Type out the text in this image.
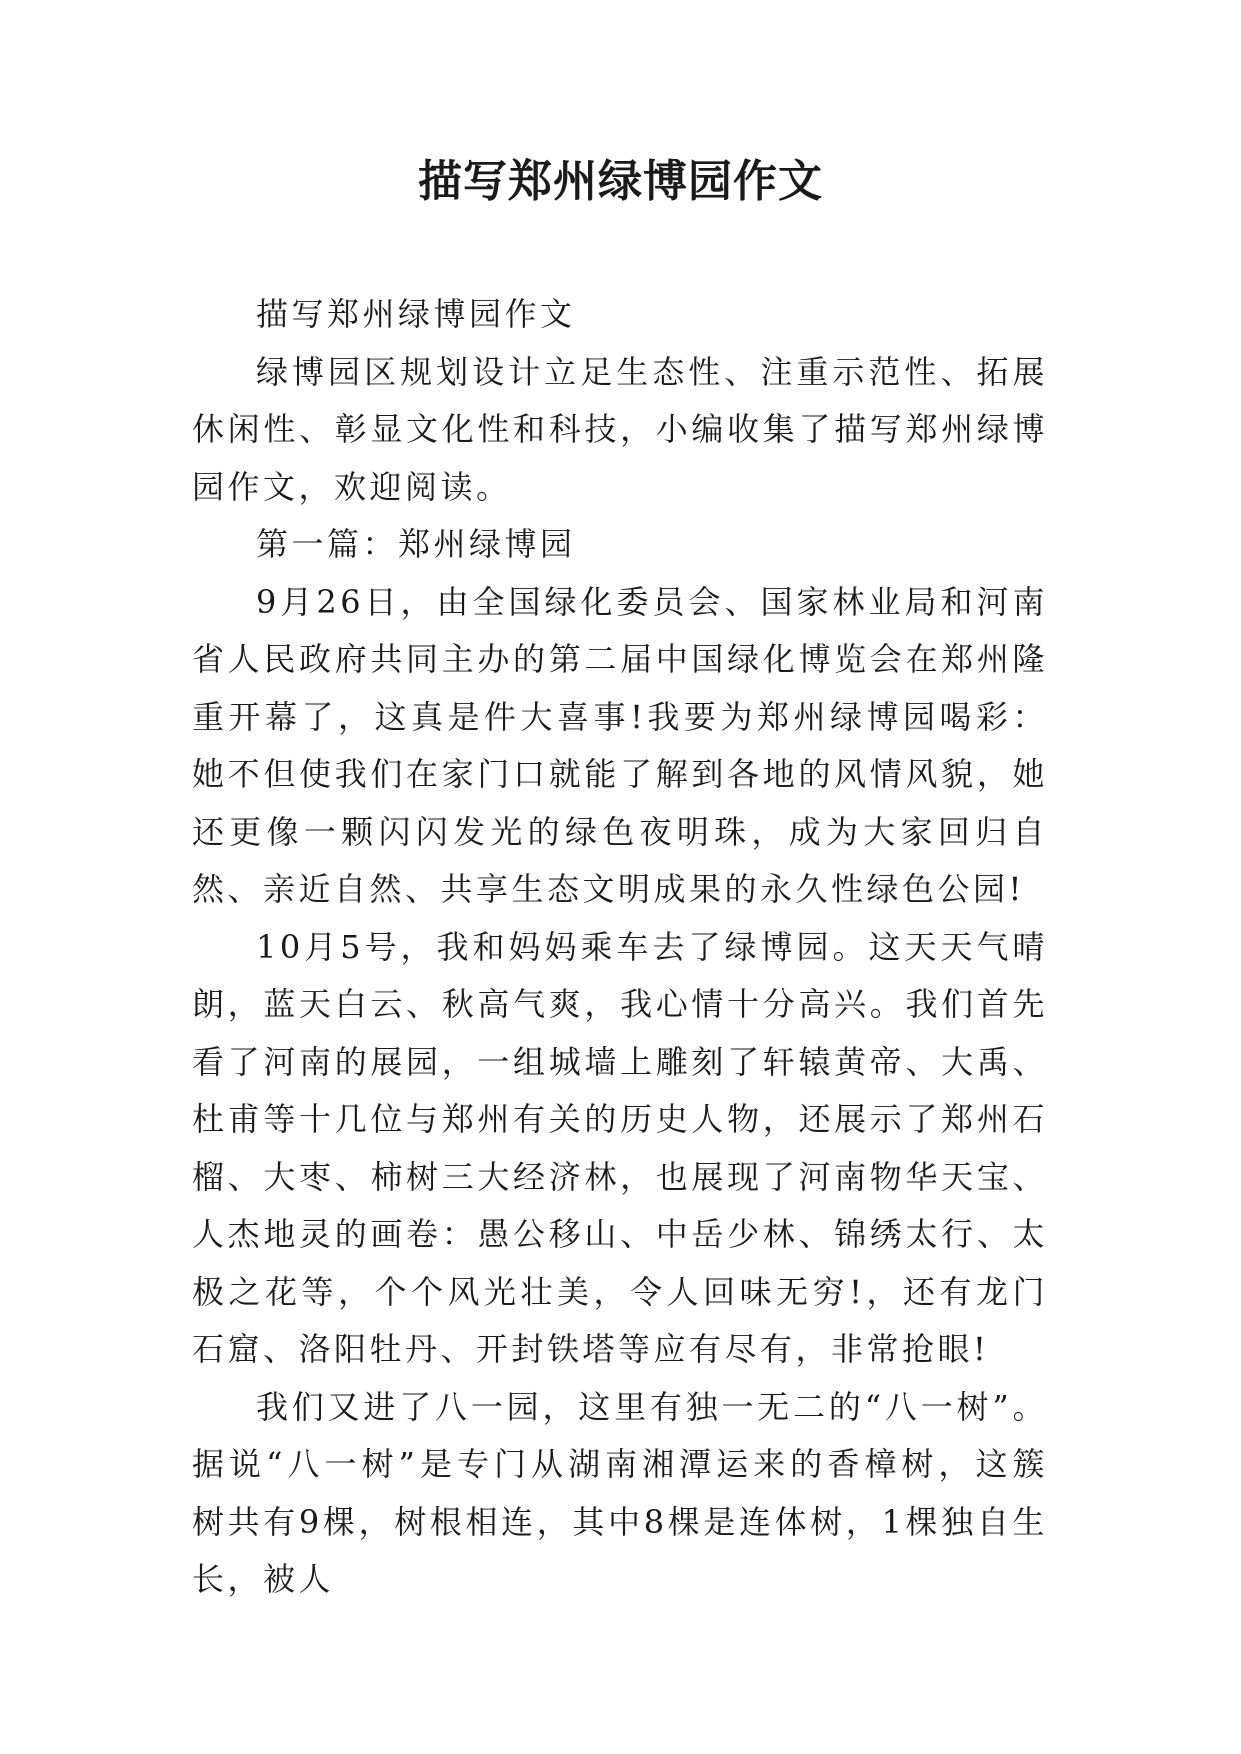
描写郑州绿博园作文

描写郑州绿博园作文

绿博园区规划设计立足生态性、注重示范性、拓展休闲性、彰显文化性和科技，小编收集了描写郑州绿博园作文，欢迎阅读。

第一篇：郑州绿博园

9月26日，由全国绿化委员会、国家林业局和河南省人民政府共同主办的第二届中国绿化博览会在郑州隆重开幕了，这真是件大喜事!我要为郑州绿博园喝彩：她不但使我们在家门口就能了解到各地的风情风貌，她还更像一颗闪闪发光的绿色夜明珠，成为大家回归自然、亲近自然、共享生态文明成果的永久性绿色公园!

10月5号，我和妈妈乘车去了绿博园。这天天气晴朗，蓝天白云、秋高气爽，我心情十分高兴。我们首先看了河南的展园，一组城墙上雕刻了轩辕黄帝、大禹、杜甫等十几位与郑州有关的历史人物，还展示了郑州石榴、大枣、柿树三大经济林，也展现了河南物华天宝、人杰地灵的画卷：愚公移山、中岳少林、锦绣太行、太极之花等，个个风光壮美，令人回味无穷!，还有龙门石窟、洛阳牡丹、开封铁塔等应有尽有，非常抢眼!

我们又进了八一园，这里有独一无二的“八一树”。据说“八一树”是专门从湖南湘潭运来的香樟树，这簇树共有9棵，树根相连，其中8棵是连体树，1棵独自生长，被人
